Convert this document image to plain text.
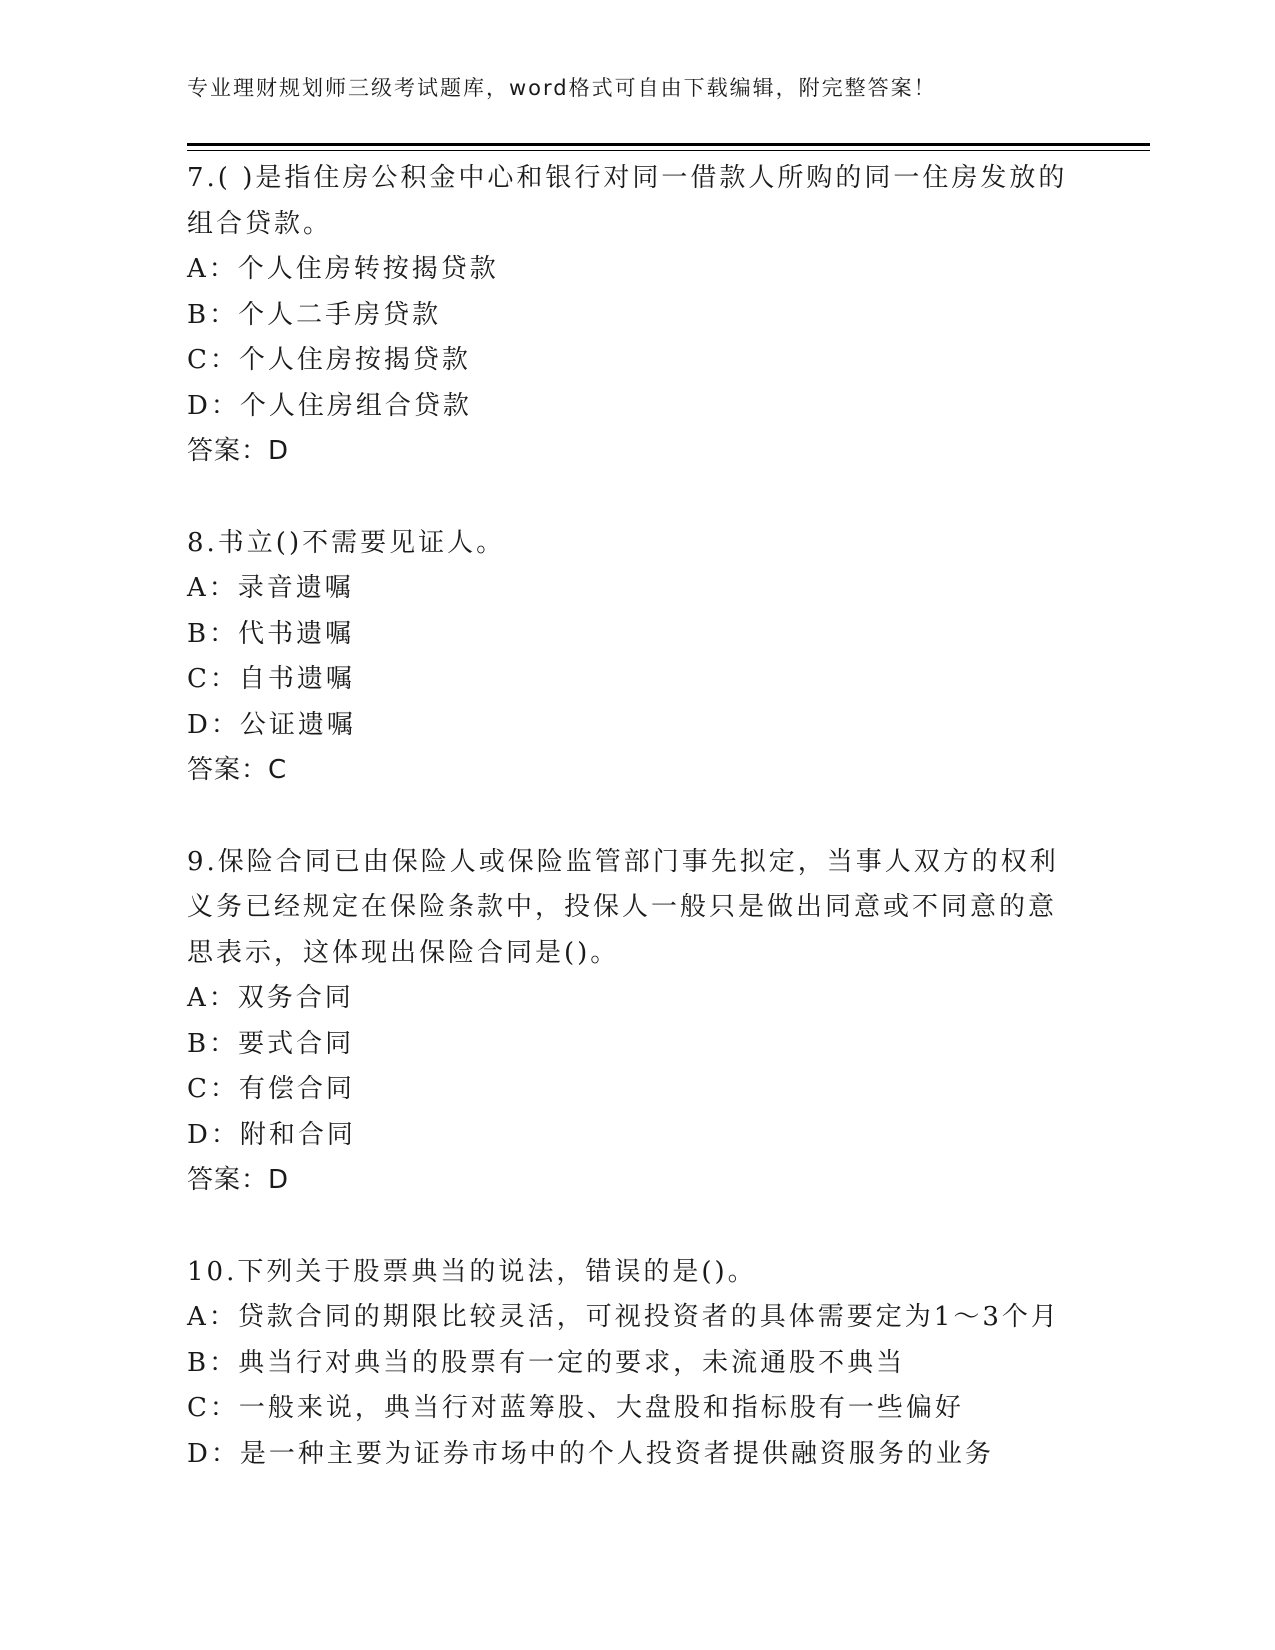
专业理财规划师三级考试题库，word格式可自由下载编辑，附完整答案！
7.( )是指住房公积金中心和银行对同一借款人所购的同一住房发放的
组合贷款。
A：个人住房转按揭贷款
B：个人二手房贷款
C：个人住房按揭贷款
D：个人住房组合贷款
答案：D
8.书立()不需要见证人。
A：录音遗嘱
B：代书遗嘱
C：自书遗嘱
D：公证遗嘱
答案：C
9.保险合同已由保险人或保险监管部门事先拟定，当事人双方的权利
义务已经规定在保险条款中，投保人一般只是做出同意或不同意的意
思表示，这体现出保险合同是()。
A：双务合同
B：要式合同
C：有偿合同
D：附和合同
答案：D
10.下列关于股票典当的说法，错误的是()。
A：贷款合同的期限比较灵活，可视投资者的具体需要定为1～3个月
B：典当行对典当的股票有一定的要求，未流通股不典当
C：一般来说，典当行对蓝筹股、大盘股和指标股有一些偏好
D：是一种主要为证券市场中的个人投资者提供融资服务的业务
